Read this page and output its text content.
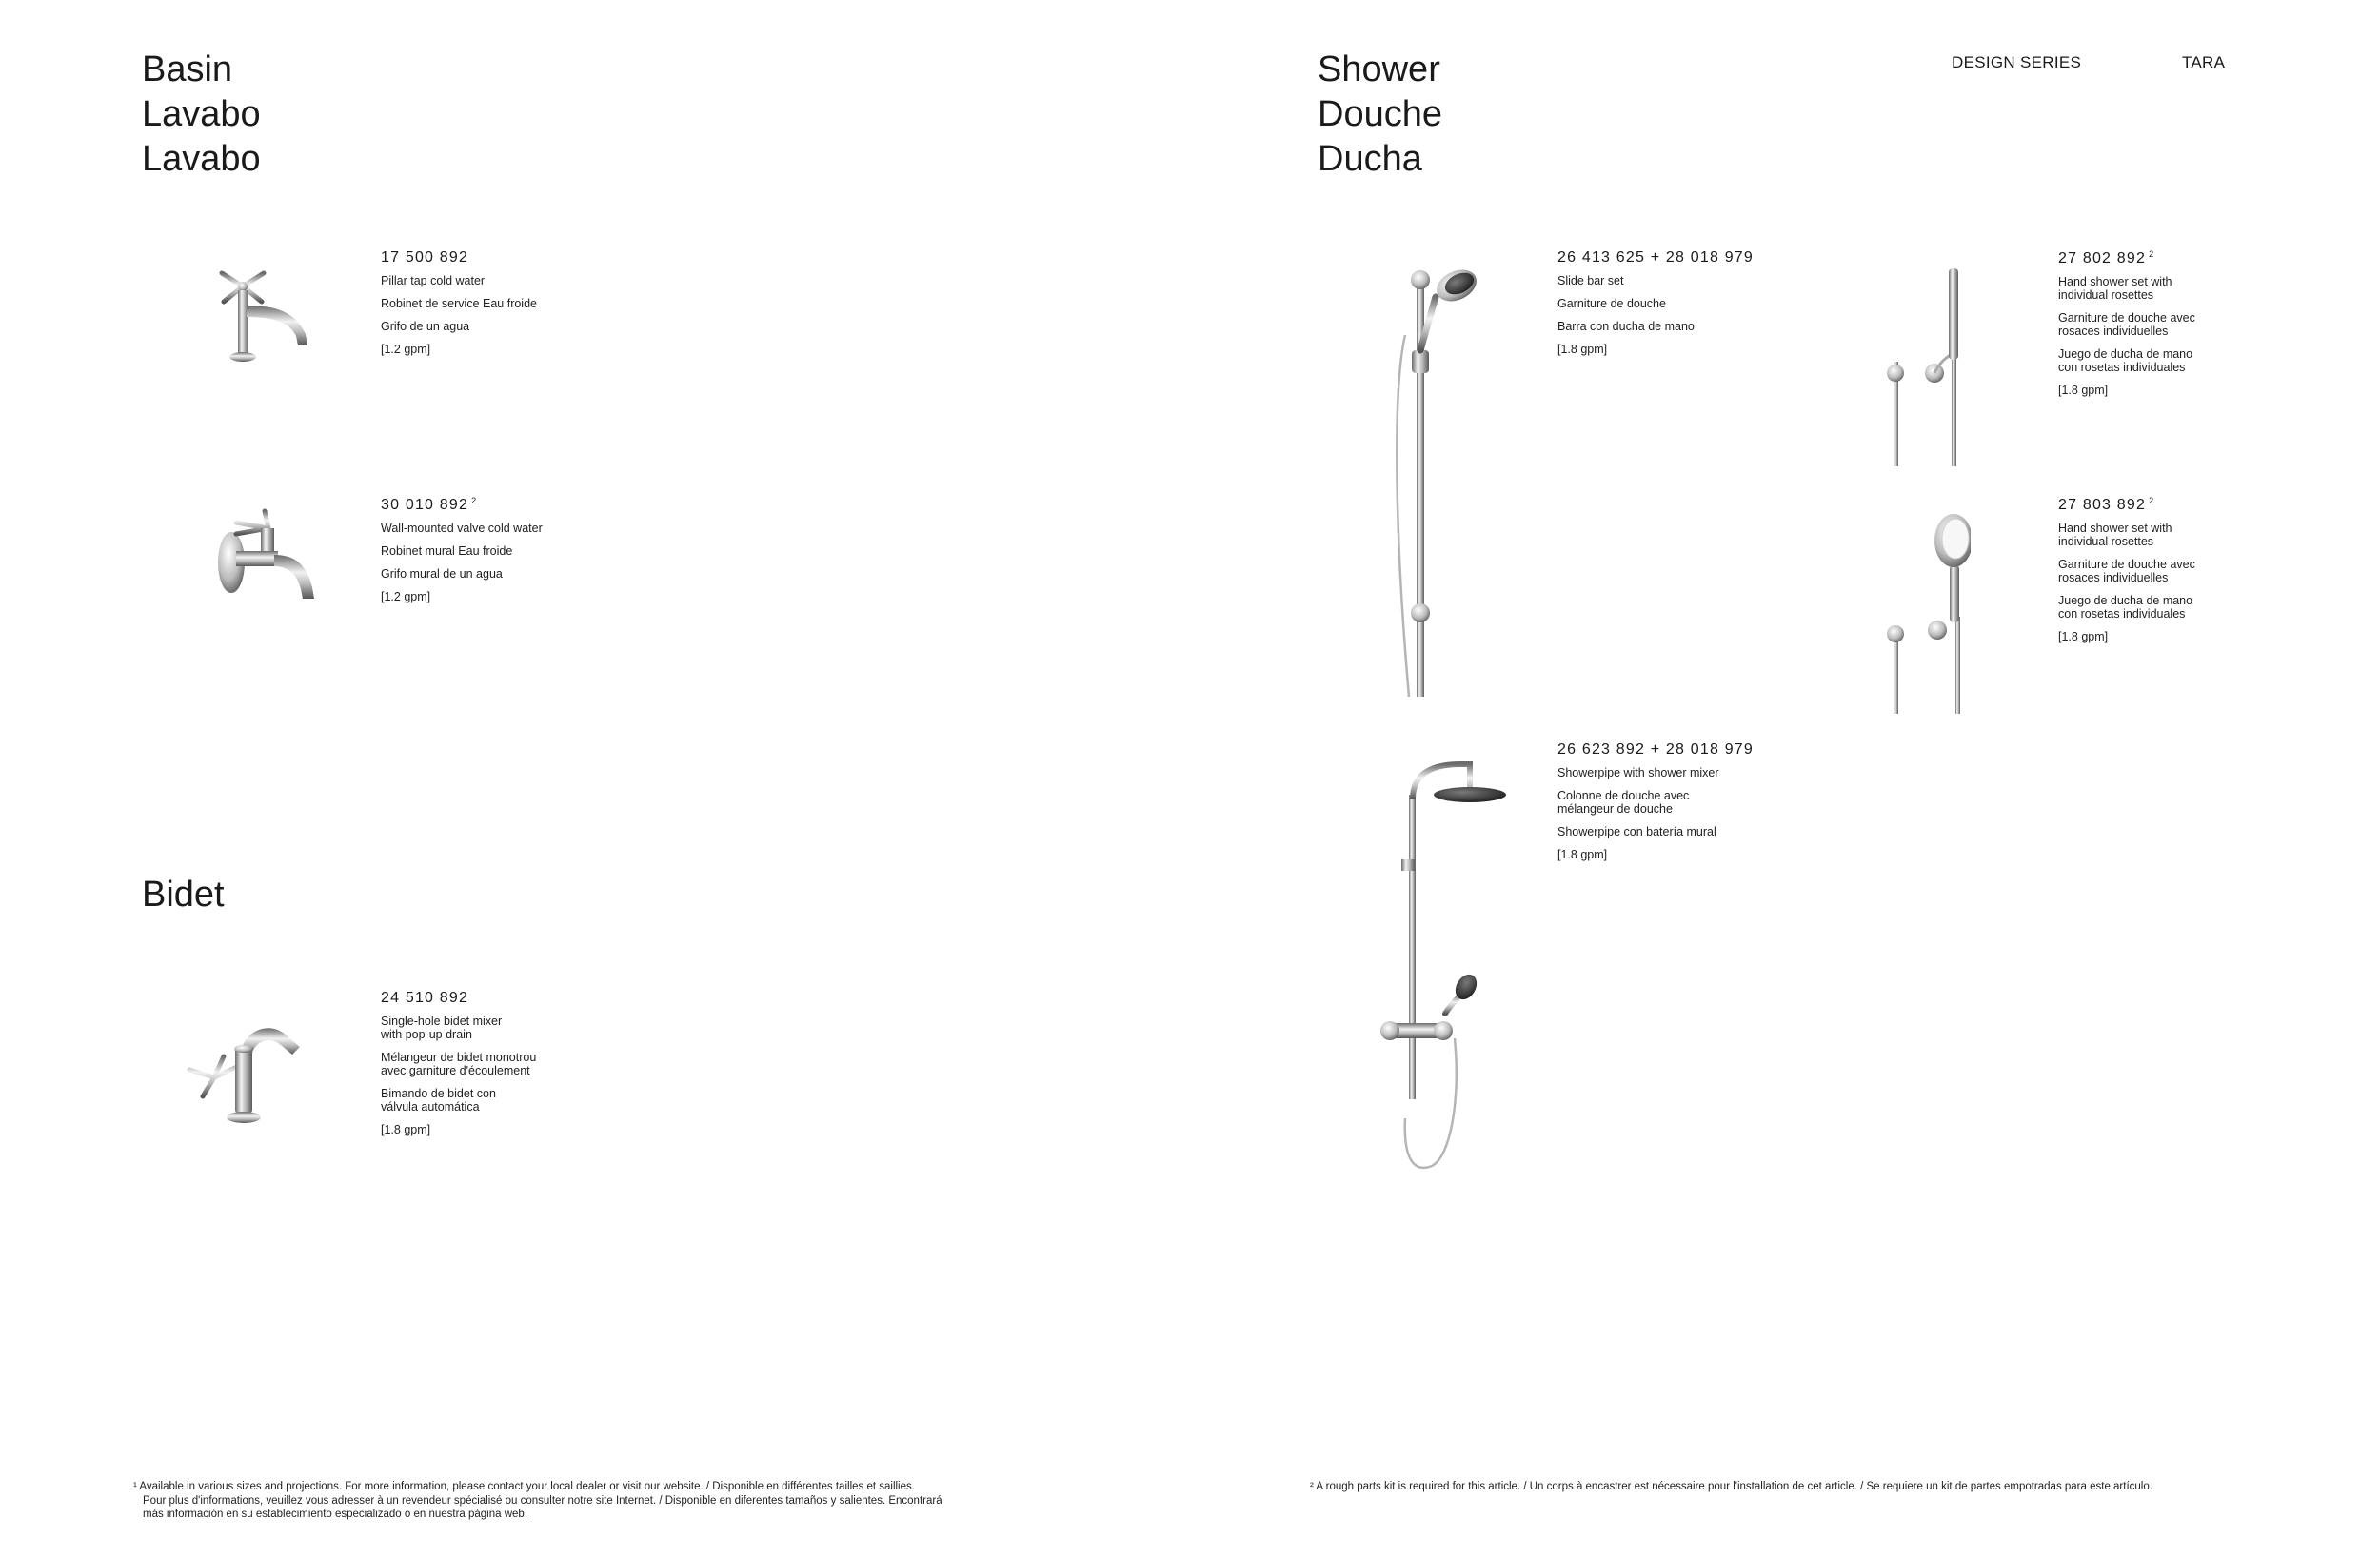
Basin
Lavabo
Lavabo
Bidet
Shower
Douche
Ducha
DESIGN SERIES	TARA
17 500 892
Pillar tap cold water
Robinet de service Eau froide
Grifo de un agua
[1.2 gpm]
30 010 892 $^2$
Wall-mounted valve cold water
Robinet mural Eau froide
Grifo mural de un agua
[1.2 gpm]
24 510 892
Single-hole bidet mixer
with pop-up drain
Mélangeur de bidet monotrou
avec garniture d'écoulement
Bimando de bidet con
válvula automática
[1.8 gpm]
26 413 625 + 28 018 979
Slide bar set
Garniture de douche
Barra con ducha de mano
[1.8 gpm]
27 802 892 $^2$
Hand shower set with
individual rosettes
Garniture de douche avec
rosaces individuelles
Juego de ducha de mano
con rosetas individuales
[1.8 gpm]
27 803 892 $^2$
Hand shower set with
individual rosettes
Garniture de douche avec
rosaces individuelles
Juego de ducha de mano
con rosetas individuales
[1.8 gpm]
26 623 892 + 28 018 979
Showerpipe with shower mixer
Colonne de douche avec
mélangeur de douche
Showerpipe con batería mural
[1.8 gpm]
¹ Available in various sizes and projections. For more information, please contact your local dealer or visit our website. / Disponible en différentes tailles et saillies.
Pour plus d'informations, veuillez vous adresser à un revendeur spécialisé ou consulter notre site Internet. / Disponible en diferentes tamaños y salientes. Encontrará
más información en su establecimiento especializado o en nuestra página web.
² A rough parts kit is required for this article. / Un corps à encastrer est nécessaire pour l'installation de cet article. / Se requiere un kit de partes empotradas para este artículo.
